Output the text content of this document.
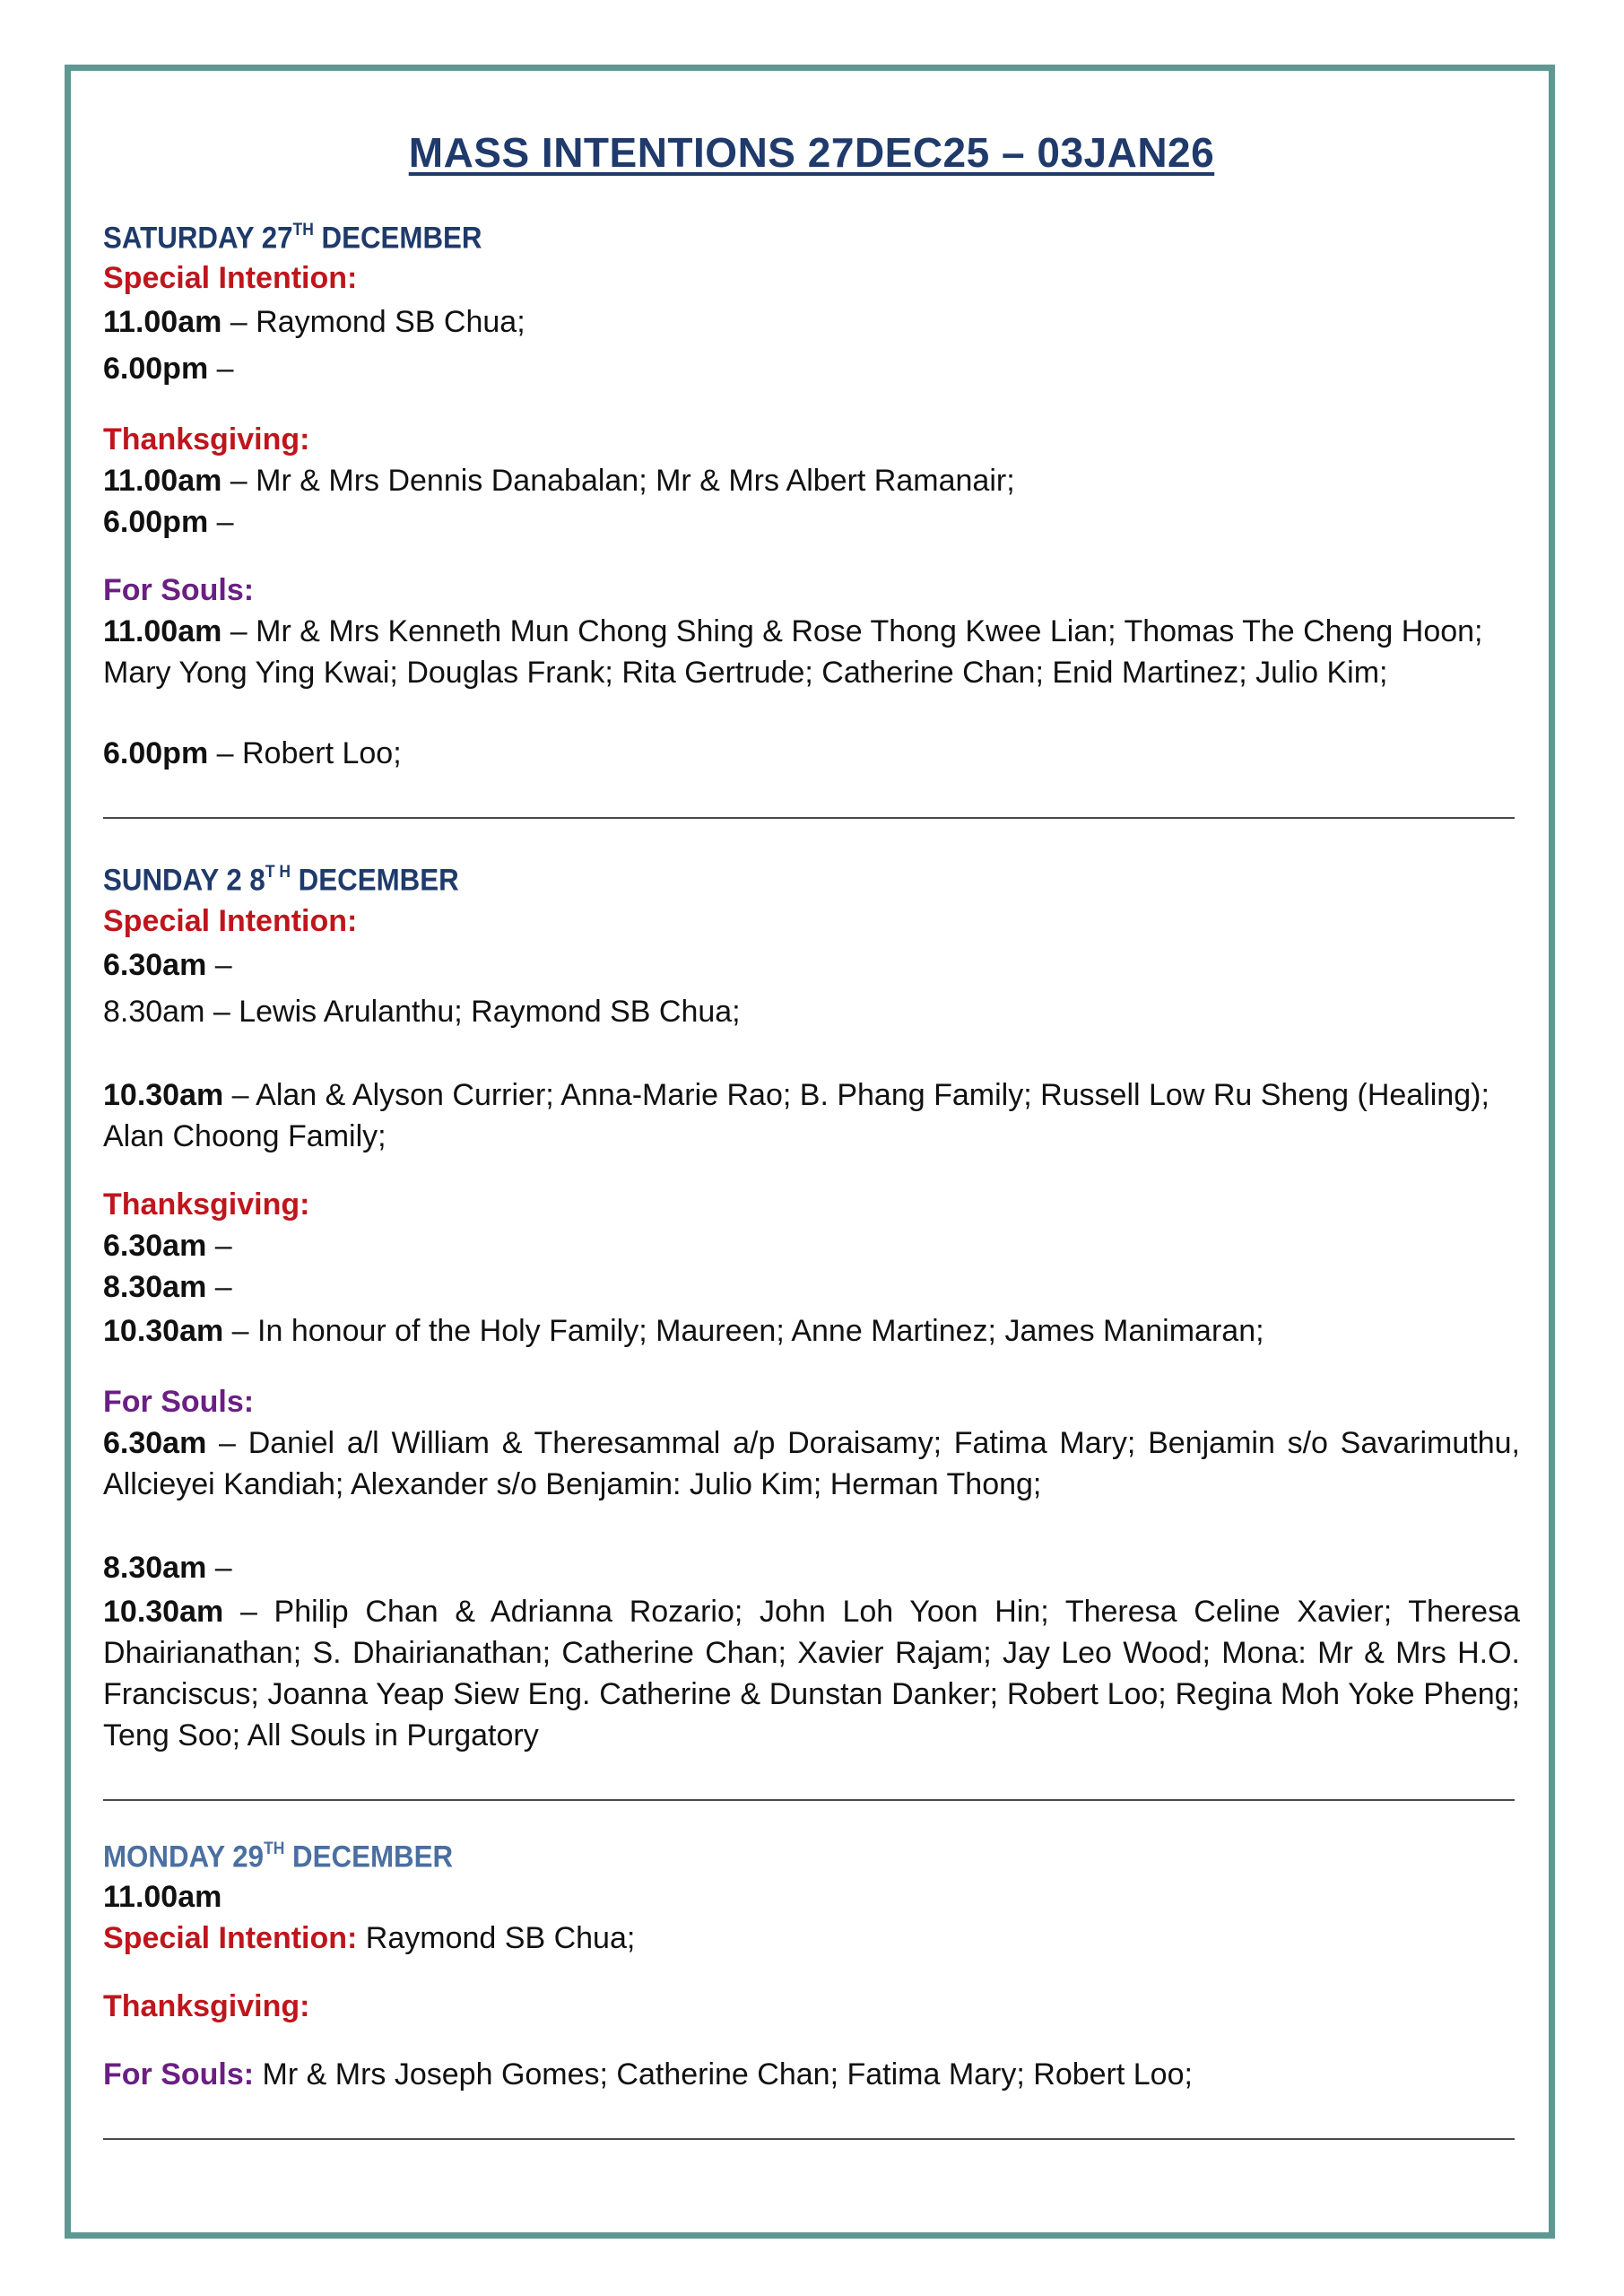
MASS INTENTIONS 27DEC25 – 03JAN26
SATURDAY 27TH DECEMBER
Special Intention:
11.00am – Raymond SB Chua;
6.00pm –
Thanksgiving:
11.00am – Mr & Mrs Dennis Danabalan; Mr & Mrs Albert Ramanair;
6.00pm –
For Souls:
11.00am – Mr & Mrs Kenneth Mun Chong Shing & Rose Thong Kwee Lian; Thomas The Cheng Hoon; Mary Yong Ying Kwai; Douglas Frank; Rita Gertrude; Catherine Chan; Enid Martinez; Julio Kim;
6.00pm – Robert Loo;
SUNDAY 2 $8^{T H}$ DECEMBER
Special Intention:
6.30am –
8.30am – Lewis Arulanthu; Raymond SB Chua;
10.30am – Alan & Alyson Currier; Anna-Marie Rao; B. Phang Family; Russell Low Ru Sheng (Healing); Alan Choong Family;
Thanksgiving:
6.30am –
8.30am –
10.30am – In honour of the Holy Family; Maureen; Anne Martinez; James Manimaran;
For Souls:
6.30am – Daniel a/l William & Theresammal a/p Doraisamy; Fatima Mary; Benjamin s/o Savarimuthu, Allcieyei Kandiah; Alexander s/o Benjamin: Julio Kim; Herman Thong;
8.30am –
10.30am – Philip Chan & Adrianna Rozario; John Loh Yoon Hin; Theresa Celine Xavier; Theresa Dhairianathan; S. Dhairianathan; Catherine Chan; Xavier Rajam; Jay Leo Wood; Mona: Mr & Mrs H.O. Franciscus; Joanna Yeap Siew Eng. Catherine & Dunstan Danker; Robert Loo; Regina Moh Yoke Pheng; Teng Soo; All Souls in Purgatory
MONDAY 29TH DECEMBER
11.00am
Special Intention: Raymond SB Chua;
Thanksgiving:
For Souls: Mr & Mrs Joseph Gomes; Catherine Chan; Fatima Mary; Robert Loo;
